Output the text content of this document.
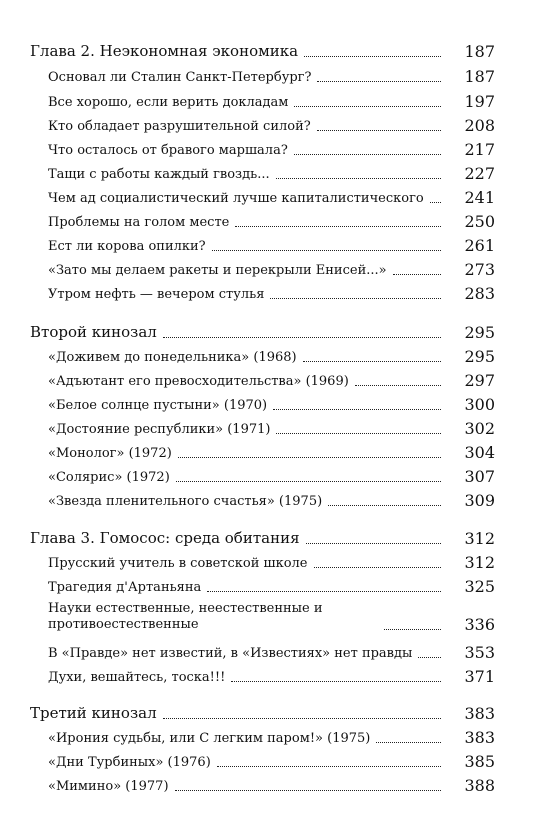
Глава 2. Неэкономная экономика	187
Основал ли Сталин Санкт-Петербург?	187
Все хорошо, если верить докладам	197
Кто обладает разрушительной силой?	208
Что осталось от бравого маршала?	217
Тащи с работы каждый гвоздь...	227
Чем ад социалистический лучше капиталистического	241
Проблемы на голом месте	250
Ест ли корова опилки?	261
«Зато мы делаем ракеты и перекрыли Енисей...»	273
Утром нефть — вечером стулья	283
Второй кинозал	295
«Доживем до понедельника» (1968)	295
«Адъютант его превосходительства» (1969)	297
«Белое солнце пустыни» (1970)	300
«Достояние республики» (1971)	302
«Монолог» (1972)	304
«Солярис» (1972)	307
«Звезда пленительного счастья» (1975)	309
Глава 3. Гомосос: среда обитания	312
Прусский учитель в советской школе	312
Трагедия д'Артаньяна	325
Науки естественные, неестественные и противоестественные	336
В «Правде» нет известий, в «Известиях» нет правды	353
Духи, вешайтесь, тоска!!!	371
Третий кинозал	383
«Ирония судьбы, или С легким паром!» (1975)	383
«Дни Турбиных» (1976)	385
«Мимино» (1977)	388
